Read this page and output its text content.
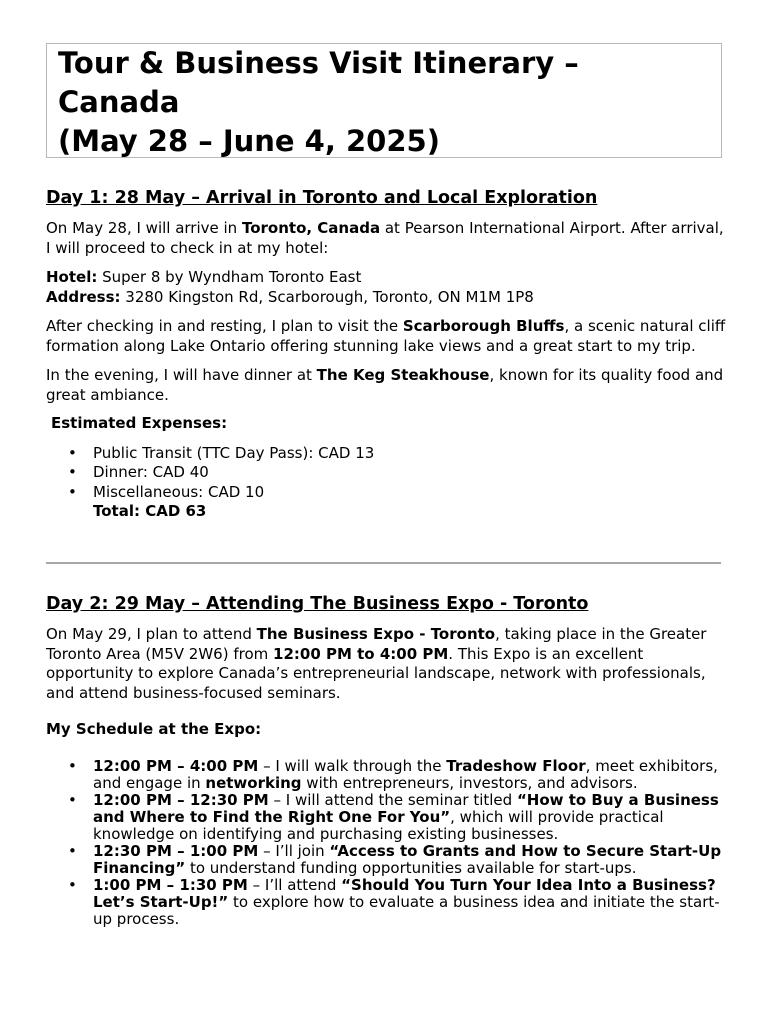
Tour & Business Visit Itinerary –
Canada
(May 28 – June 4, 2025)
Day 1: 28 May – Arrival in Toronto and Local Exploration

On May 28, I will arrive in Toronto, Canada at Pearson International Airport. After arrival, I will proceed to check in at my hotel:

Hotel: Super 8 by Wyndham Toronto East

Address: 3280 Kingston Rd, Scarborough, Toronto, ON M1M 1P8

After checking in and resting, I plan to visit the Scarborough Bluffs, a scenic natural cliff formation along Lake Ontario offering stunning lake views and a great start to my trip.

In the evening, I will have dinner at The Keg Steakhouse, known for its quality food and great ambiance.

Estimated Expenses:

• Public Transit (TTC Day Pass): CAD 13
• Dinner: CAD 40
• Miscellaneous: CAD 10
Total: CAD 63
Day 2: 29 May – Attending The Business Expo - Toronto

On May 29, I plan to attend The Business Expo - Toronto, taking place in the Greater Toronto Area (M5V 2W6) from 12:00 PM to 4:00 PM. This Expo is an excellent opportunity to explore Canada’s entrepreneurial landscape, network with professionals, and attend business-focused seminars.

My Schedule at the Expo:

• 12:00 PM – 4:00 PM – I will walk through the Tradeshow Floor, meet exhibitors, and engage in networking with entrepreneurs, investors, and advisors.
• 12:00 PM – 12:30 PM – I will attend the seminar titled “How to Buy a Business and Where to Find the Right One For You”, which will provide practical knowledge on identifying and purchasing existing businesses.
• 12:30 PM – 1:00 PM – I’ll join “Access to Grants and How to Secure Start-Up Financing” to understand funding opportunities available for start-ups.
• 1:00 PM – 1:30 PM – I’ll attend “Should You Turn Your Idea Into a Business? Let’s Start-Up!” to explore how to evaluate a business idea and initiate the start-up process.
